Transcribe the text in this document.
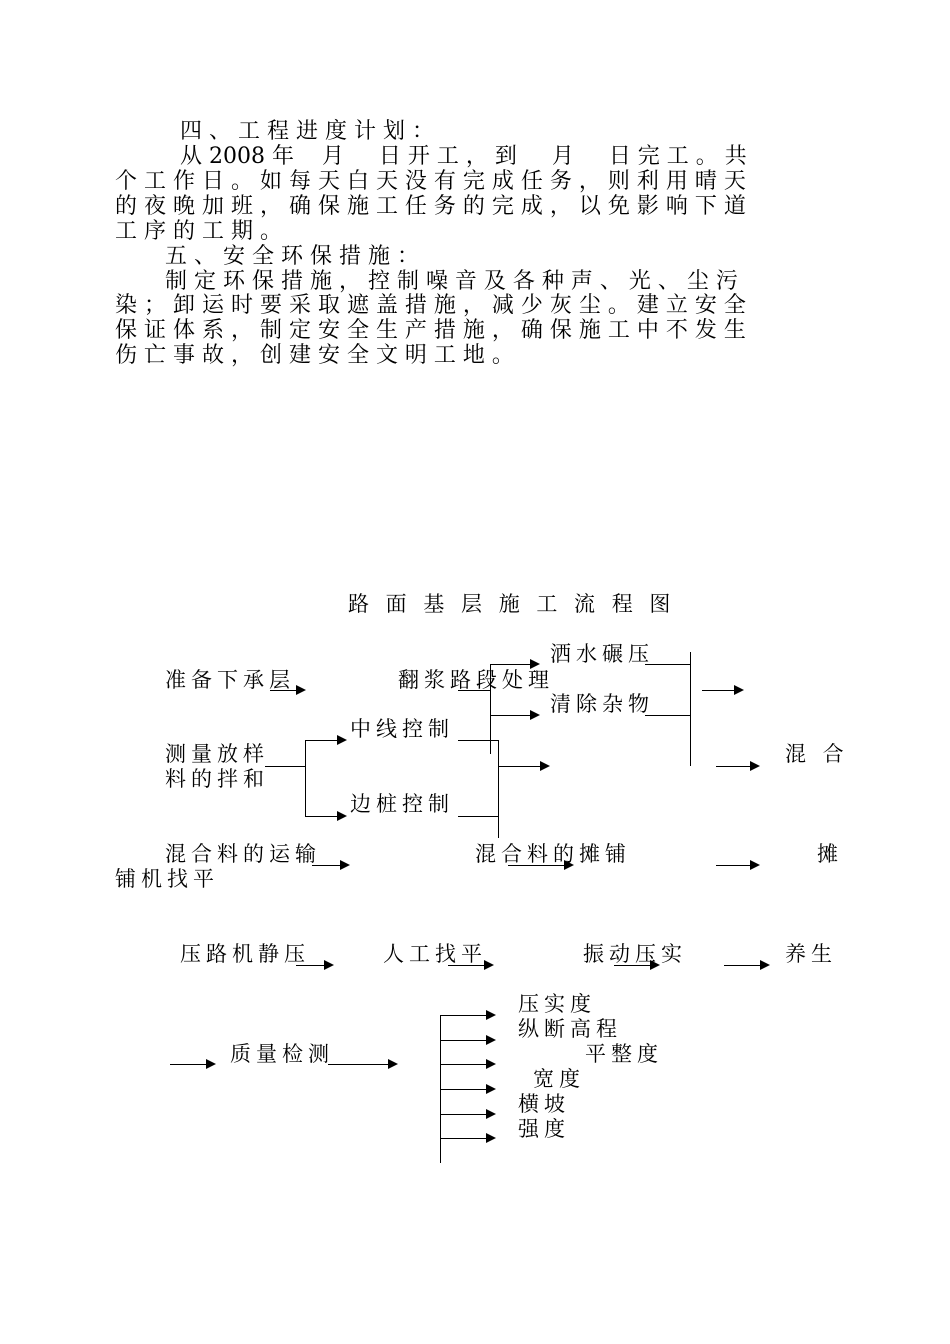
四 、 工 程 进 度 计 划 ：
从 2008 年    月     日 开 工 ， 到     月     日 完 工 。 共
个 工 作 日 。 如 每 天 白 天 没 有 完 成 任 务 ， 则 利 用 晴 天
的 夜 晚 加 班 ， 确 保 施 工 任 务 的 完 成 ， 以 免 影 响 下 道
工 序 的 工 期 。
五 、 安 全 环 保 措 施 ：
制 定 环 保 措 施 ， 控 制 噪 音 及 各 种 声 、 光 、 尘 污
染 ； 卸 运 时 要 采 取 遮 盖 措 施 ， 减 少 灰 尘 。 建 立 安 全
保 证 体 系 ， 制 定 安 全 生 产 措 施 ， 确 保 施 工 中 不 发 生
伤 亡 事 故 ， 创 建 安 全 文 明 工 地 。
路 面 基 层 施 工 流 程 图
准备下承层	翻浆路段处理
洒水碾压
清除杂物
中线控制
测量放样	混 合
料的拌和
边桩控制
混合料的运输	混合料的摊铺	摊
铺机找平
压路机静压	人工找平	振动压实	养生
质量检测
压实度
纵断高程
平整度
宽度
横坡
强度
